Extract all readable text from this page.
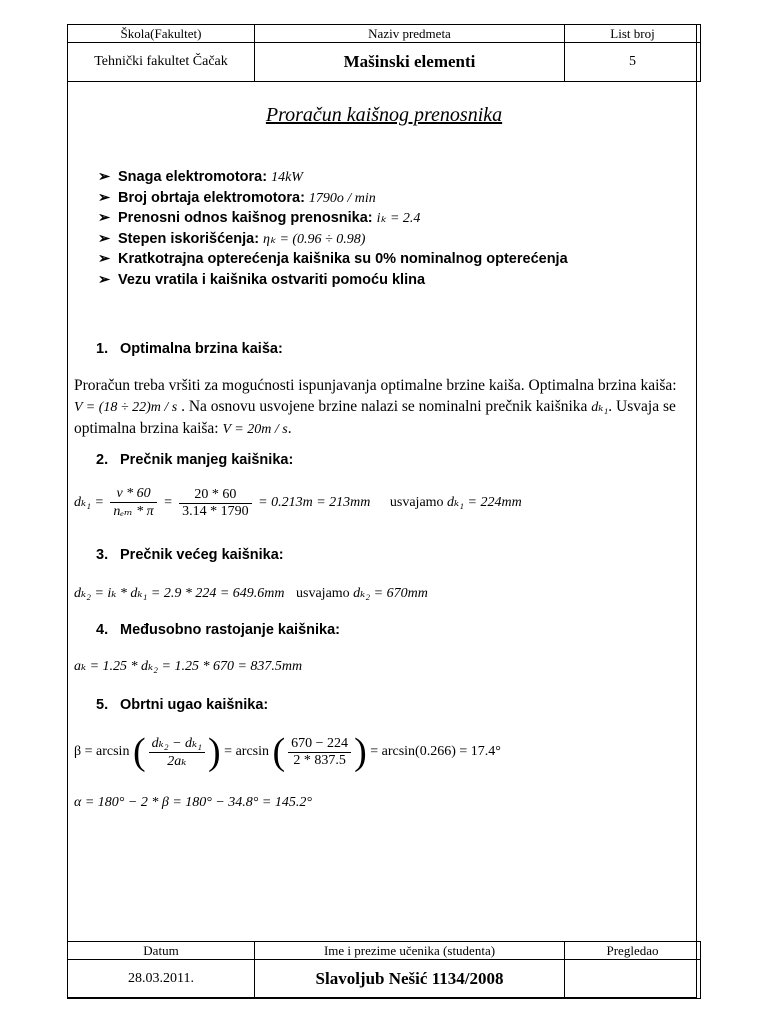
Škola(Fakultet)	Naziv predmeta	List broj
Tehnički fakultet Čačak	Mašinski elementi	5
Proračun kaišnog prenosnika
➢ Snaga elektromotora: 14kW
➢ Broj obrtaja elektromotora: 1790o / min
➢ Prenosni odnos kaišnog prenosnika: iₖ = 2.4
➢ Stepen iskorišćenja: ηₖ = (0.96 ÷ 0.98)
➢ Kratkotrajna opterećenja kaišnika su 0% nominalnog opterećenja
➢ Vezu vratila i kaišnika ostvariti pomoću klina
1. Optimalna brzina kaiša:
Proračun treba vršiti za mogućnosti ispunjavanja optimalne brzine kaiša. Optimalna brzina kaiša:
V = (18 ÷ 22)m / s . Na osnovu usvojene brzine nalazi se nominalni prečnik kaišnika dₖ₁. Usvaja se
optimalna brzina kaiša: V = 20m / s.
2. Prečnik manjeg kaišnika:
$d_{k1} = \frac{\nu * 60}{\text{nₑₘ * π}} = \frac{20 * 60}{3.14 * 1790} = 0.213m = 213mm$ usvajamo dₖ₁ = 224mm
3. Prečnik većeg kaišnika:
dₖ₂ = iₖ * dₖ₁ = 2.9 * 224 = 649.6mm usvajamo dₖ₂ = 670mm
4. Međusobno rastojanje kaišnika:
aₖ = 1.25 * dₖ₂ = 1.25 * 670 = 837.5mm
5. Obrtni ugao kaišnika:
β = arcsin ( $\frac{\text{dₖ₂ − dₖ₁}}{\text{2aₖ}}$ ) = arcsin ( $\frac{670 - 224}{2 * 837.5}$ ) = arcsin(0.266) = 17.4°
α = 180° − 2 * β = 180° − 34.8° = 145.2°
Datum	Ime i prezime učenika (studenta)	Pregledao
28.03.2011.	Slavoljub Nešić 1134/2008	
